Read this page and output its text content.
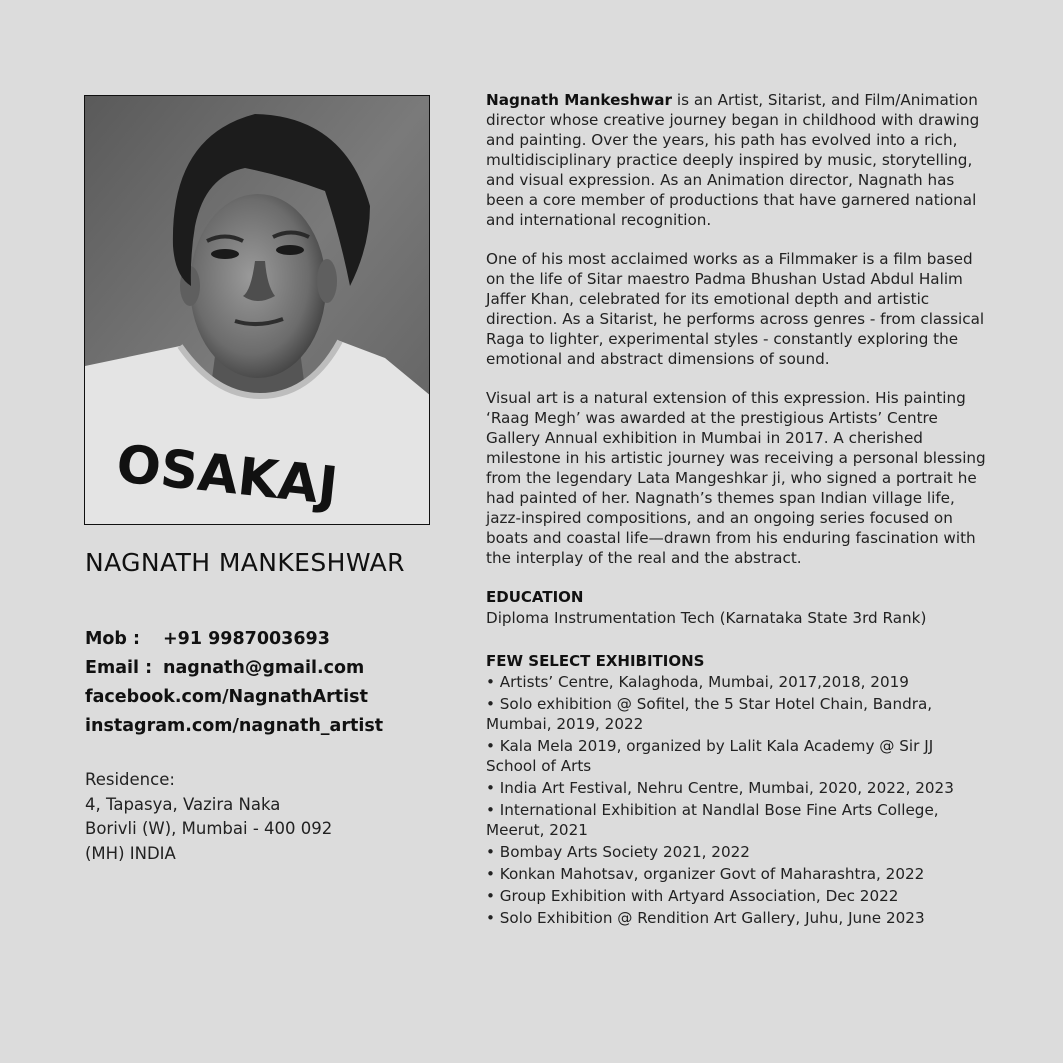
OSAKAJ
NAGNATH MANKESHWAR
Mob : +91 9987003693
Email : nagnath@gmail.com
facebook.com/NagnathArtist
instagram.com/nagnath_artist
Residence:
4, Tapasya, Vazira Naka
Borivli (W), Mumbai - 400 092
(MH) INDIA

Nagnath Mankeshwar is an Artist, Sitarist, and Film/Animation director whose creative journey began in childhood with drawing and painting. Over the years, his path has evolved into a rich, multidisciplinary practice deeply inspired by music, storytelling, and visual expression. As an Animation director, Nagnath has been a core member of productions that have garnered national and international recognition.

One of his most acclaimed works as a Filmmaker is a film based on the life of Sitar maestro Padma Bhushan Ustad Abdul Halim Jaffer Khan, celebrated for its emotional depth and artistic direction. As a Sitarist, he performs across genres - from classical Raga to lighter, experimental styles - constantly exploring the emotional and abstract dimensions of sound.

Visual art is a natural extension of this expression. His painting ‘Raag Megh’ was awarded at the prestigious Artists’ Centre Gallery Annual exhibition in Mumbai in 2017. A cherished milestone in his artistic journey was receiving a personal blessing from the legendary Lata Mangeshkar ji, who signed a portrait he had painted of her. Nagnath’s themes span Indian village life, jazz-inspired compositions, and an ongoing series focused on boats and coastal life—drawn from his enduring fascination with the interplay of the real and the abstract.

EDUCATION
Diploma Instrumentation Tech (Karnataka State 3rd Rank)
FEW SELECT EXHIBITIONS
• Artists’ Centre, Kalaghoda, Mumbai, 2017,2018, 2019
• Solo exhibition @ Sofitel, the 5 Star Hotel Chain, Bandra, Mumbai, 2019, 2022
• Kala Mela 2019, organized by Lalit Kala Academy @ Sir JJ School of Arts
• India Art Festival, Nehru Centre, Mumbai, 2020, 2022, 2023
• International Exhibition at Nandlal Bose Fine Arts College, Meerut, 2021
• Bombay Arts Society 2021, 2022
• Konkan Mahotsav, organizer Govt of Maharashtra, 2022
• Group Exhibition with Artyard Association, Dec 2022
• Solo Exhibition @ Rendition Art Gallery, Juhu, June 2023
